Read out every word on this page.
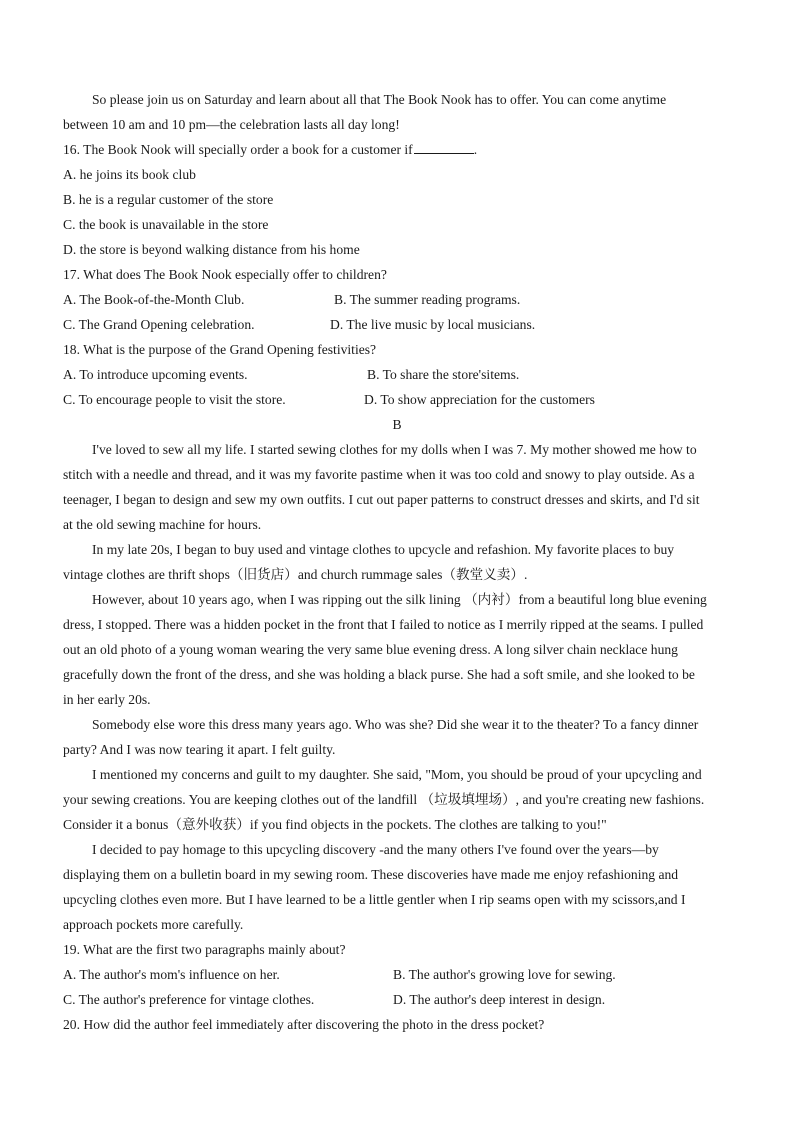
So please join us on Saturday and learn about all that The Book Nook has to offer. You can come anytime
between 10 am and 10 pm—the celebration lasts all day long!
16. The Book Nook will specially order a book for a customer if	.
A. he joins its book club
B. he is a regular customer of the store
C. the book is unavailable in the store
D. the store is beyond walking distance from his home
17. What does The Book Nook especially offer to children?
A. The Book-of-the-Month Club.	B. The summer reading programs.
C. The Grand Opening celebration.	D. The live music by local musicians.
18. What is the purpose of the Grand Opening festivities?
A. To introduce upcoming events.	B. To share the store'sitems.
C. To encourage people to visit the store.	D. To show appreciation for the customers
B
I've loved to sew all my life. I started sewing clothes for my dolls when I was 7. My mother showed me how to
stitch with a needle and thread, and it was my favorite pastime when it was too cold and snowy to play outside. As a
teenager, I began to design and sew my own outfits. I cut out paper patterns to construct dresses and skirts, and I'd sit
at the old sewing machine for hours.
In my late 20s, I began to buy used and vintage clothes to upcycle and refashion. My favorite places to buy
vintage clothes are thrift shops（旧货店）and church rummage sales（教堂义卖）.
However, about 10 years ago, when I was ripping out the silk lining （内衬）from a beautiful long blue evening
dress, I stopped. There was a hidden pocket in the front that I failed to notice as I merrily ripped at the seams. I pulled
out an old photo of a young woman wearing the very same blue evening dress. A long silver chain necklace hung
gracefully down the front of the dress, and she was holding a black purse. She had a soft smile, and she looked to be
in her early 20s.
Somebody else wore this dress many years ago. Who was she? Did she wear it to the theater? To a fancy dinner
party? And I was now tearing it apart. I felt guilty.
I mentioned my concerns and guilt to my daughter. She said, "Mom, you should be proud of your upcycling and
your sewing creations. You are keeping clothes out of the landfill （垃圾填埋场）, and you're creating new fashions.
Consider it a bonus（意外收获）if you find objects in the pockets. The clothes are talking to you!"
I decided to pay homage to this upcycling discovery -and the many others I've found over the years—by
displaying them on a bulletin board in my sewing room. These discoveries have made me enjoy refashioning and
upcycling clothes even more. But I have learned to be a little gentler when I rip seams open with my scissors,and I
approach pockets more carefully.
19. What are the first two paragraphs mainly about?
A. The author's mom's influence on her.	B. The author's growing love for sewing.
C. The author's preference for vintage clothes.	D. The author's deep interest in design.
20. How did the author feel immediately after discovering the photo in the dress pocket?
